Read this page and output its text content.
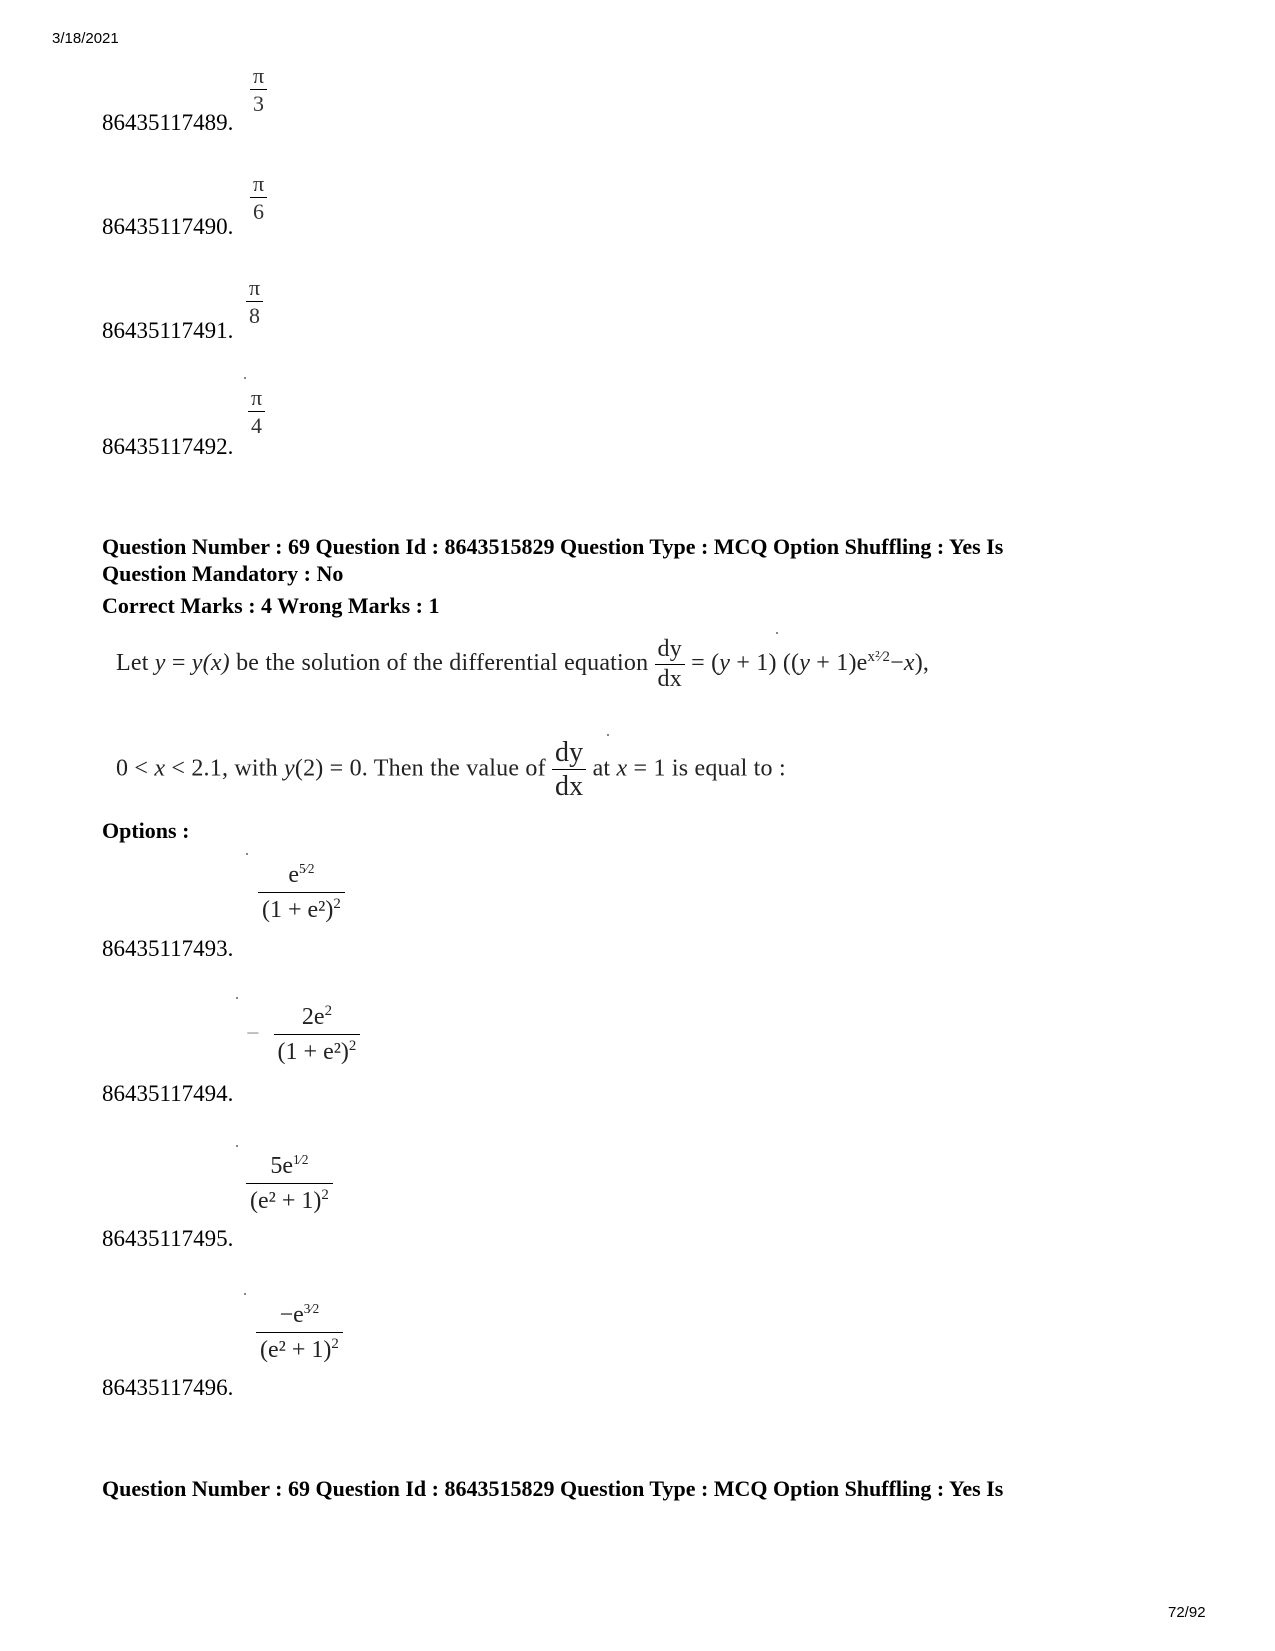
3/18/2021
$\frac{\pi}{3}$
86435117489.
$\frac{\pi}{6}$
86435117490.
$\frac{\pi}{8}$
86435117491.
$\frac{\pi}{4}$
86435117492.
Question Number : 69 Question Id : 8643515829 Question Type : MCQ Option Shuffling : Yes Is
Question Mandatory : No
Correct Marks : 4 Wrong Marks : 1
Let y = y(x) be the solution of the differential equation $\frac{dy}{dx} = (y + 1) ((y + 1)e^{x^2⁄2}-x)$,
0 < x < 2.1, with y(2) = 0. Then the value of $\frac{dy}{dx}$ at x = 1 is equal to :
Options :
$\frac{e^{5⁄2}}{(1 + e^2)^2}$
86435117493.
− $\frac{2e^2}{(1 + e^2)^2}$
86435117494.
$\frac{5e^{1⁄2}}{(e^2 + 1)^2}$
86435117495.
$\frac{-e^{3⁄2}}{(e^2 + 1)^2}$
86435117496.
Question Number : 69 Question Id : 8643515829 Question Type : MCQ Option Shuffling : Yes Is
72/92
